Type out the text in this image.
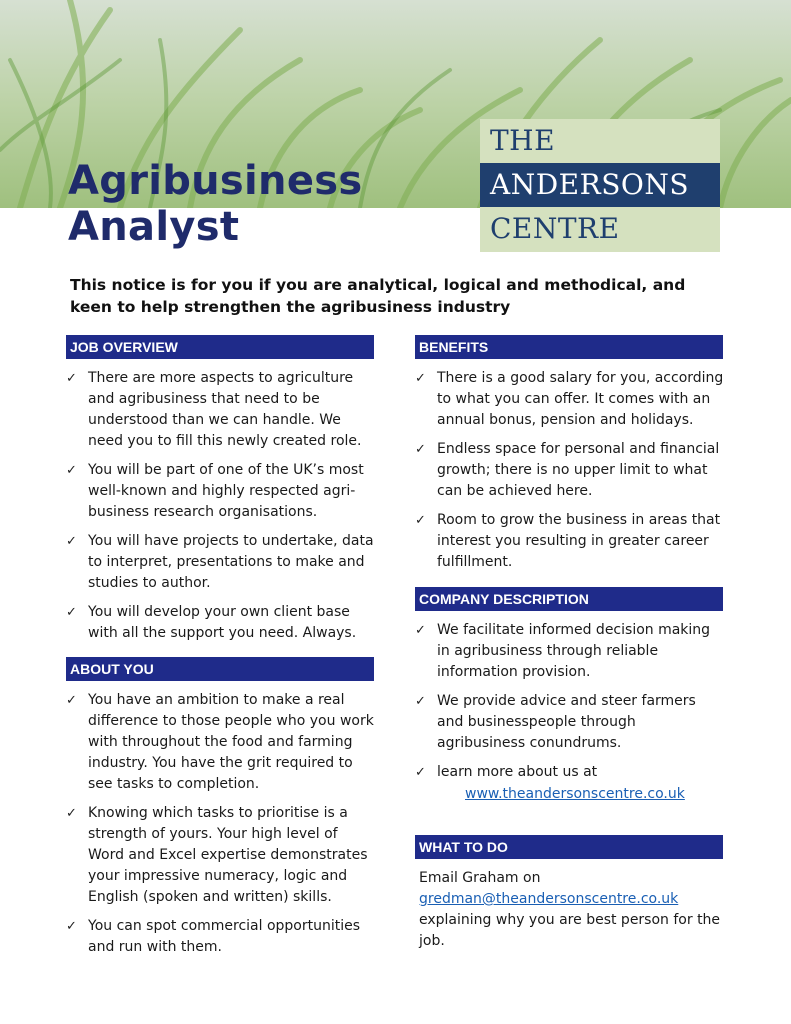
Agribusiness
Analyst
THE
ANDERSONS
CENTRE

This notice is for you if you are analytical, logical and methodical, and keen to help strengthen the agribusiness industry

JOB OVERVIEW
✓ There are more aspects to agriculture and agribusiness that need to be understood than we can handle. We need you to fill this newly created role.
✓ You will be part of one of the UK’s most well-known and highly respected agri-business research organisations.
✓ You will have projects to undertake, data to interpret, presentations to make and studies to author.
✓ You will develop your own client base with all the support you need. Always.
ABOUT YOU
✓ You have an ambition to make a real difference to those people who you work with throughout the food and farming industry. You have the grit required to see tasks to completion.
✓ Knowing which tasks to prioritise is a strength of yours. Your high level of Word and Excel expertise demonstrates your impressive numeracy, logic and English (spoken and written) skills.
✓ You can spot commercial opportunities and run with them.
BENEFITS
✓ There is a good salary for you, according to what you can offer. It comes with an annual bonus, pension and holidays.
✓ Endless space for personal and financial growth; there is no upper limit to what can be achieved here.
✓ Room to grow the business in areas that interest you resulting in greater career fulfillment.
COMPANY DESCRIPTION
✓ We facilitate informed decision making in agribusiness through reliable information provision.
✓ We provide advice and steer farmers and businesspeople through agribusiness conundrums.
✓ learn more about us at
www.theandersonscentre.co.uk
WHAT TO DO

Email Graham on
gredman@theandersonscentre.co.uk
explaining why you are best person for the job.
